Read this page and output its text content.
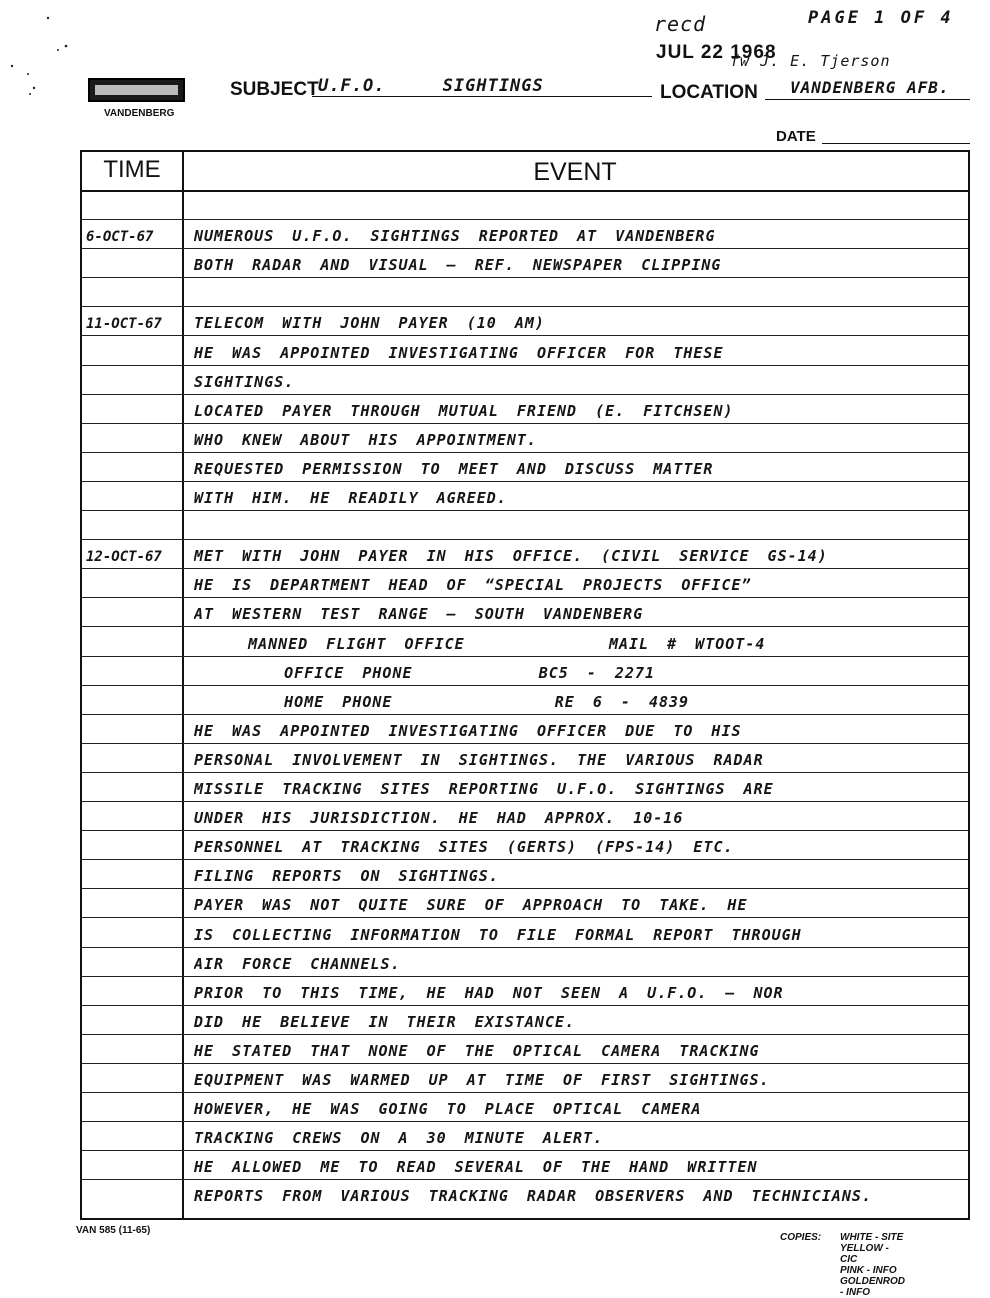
recd	PAGE 1 OF 4
JUL 22 1968
fw J. E. Tjerson
VANDENBERG
SUBJECT U.F.O. SIGHTINGS	LOCATION VANDENBERG AFB.
DATE
TIME	EVENT
6-OCT-67	NUMEROUS U.F.O. SIGHTINGS REPORTED AT VANDENBERG
BOTH RADAR AND VISUAL — REF. NEWSPAPER CLIPPING
11-OCT-67	TELECOM WITH JOHN PAYER (10 AM)
HE WAS APPOINTED INVESTIGATING OFFICER FOR THESE
SIGHTINGS.
LOCATED PAYER THROUGH MUTUAL FRIEND (E. FITCHSEN)
WHO KNEW ABOUT HIS APPOINTMENT.
REQUESTED PERMISSION TO MEET AND DISCUSS MATTER
WITH HIM. HE READILY AGREED.
12-OCT-67	MET WITH JOHN PAYER IN HIS OFFICE. (CIVIL SERVICE GS-14)
HE IS DEPARTMENT HEAD OF “SPECIAL PROJECTS OFFICE”
AT WESTERN TEST RANGE — SOUTH VANDENBERG
MANNED FLIGHT OFFICE        MAIL # WTOOT-4
OFFICE PHONE       BC5 - 2271
HOME PHONE         RE 6 - 4839
HE WAS APPOINTED INVESTIGATING OFFICER DUE TO HIS
PERSONAL INVOLVEMENT IN SIGHTINGS. THE VARIOUS RADAR
MISSILE TRACKING SITES REPORTING U.F.O. SIGHTINGS ARE
UNDER HIS JURISDICTION. HE HAD APPROX. 10-16
PERSONNEL AT TRACKING SITES (GERTS) (FPS-14) ETC.
FILING REPORTS ON SIGHTINGS.
PAYER WAS NOT QUITE SURE OF APPROACH TO TAKE. HE
IS COLLECTING INFORMATION TO FILE FORMAL REPORT THROUGH
AIR FORCE CHANNELS.
PRIOR TO THIS TIME, HE HAD NOT SEEN A U.F.O. — NOR
DID HE BELIEVE IN THEIR EXISTANCE.
HE STATED THAT NONE OF THE OPTICAL CAMERA TRACKING
EQUIPMENT WAS WARMED UP AT TIME OF FIRST SIGHTINGS.
HOWEVER, HE WAS GOING TO PLACE OPTICAL CAMERA
TRACKING CREWS ON A 30 MINUTE ALERT.
HE ALLOWED ME TO READ SEVERAL OF THE HAND WRITTEN
REPORTS FROM VARIOUS TRACKING RADAR OBSERVERS AND TECHNICIANS.
VAN 585 (11-65)
COPIES: WHITE - SITE
YELLOW - CIC
PINK - INFO
GOLDENROD - INFO
